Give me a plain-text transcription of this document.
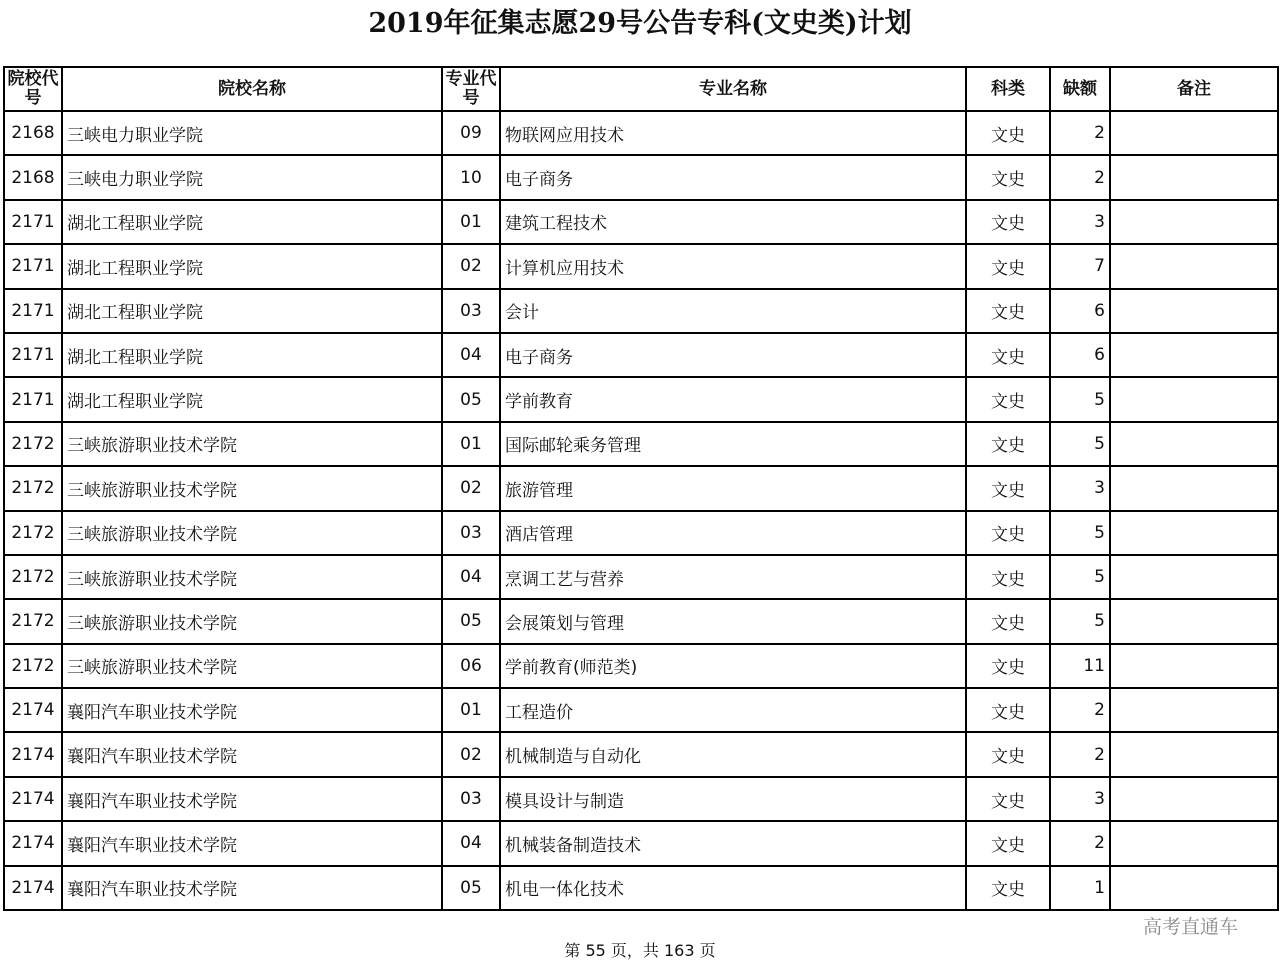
2019年征集志愿29号公告专科(文史类)计划
院校代号	院校名称	专业代号	专业名称	科类	缺额	备注
2168	三峡电力职业学院	09	物联网应用技术	文史	2	
2168	三峡电力职业学院	10	电子商务	文史	2	
2171	湖北工程职业学院	01	建筑工程技术	文史	3	
2171	湖北工程职业学院	02	计算机应用技术	文史	7	
2171	湖北工程职业学院	03	会计	文史	6	
2171	湖北工程职业学院	04	电子商务	文史	6	
2171	湖北工程职业学院	05	学前教育	文史	5	
2172	三峡旅游职业技术学院	01	国际邮轮乘务管理	文史	5	
2172	三峡旅游职业技术学院	02	旅游管理	文史	3	
2172	三峡旅游职业技术学院	03	酒店管理	文史	5	
2172	三峡旅游职业技术学院	04	烹调工艺与营养	文史	5	
2172	三峡旅游职业技术学院	05	会展策划与管理	文史	5	
2172	三峡旅游职业技术学院	06	学前教育(师范类)	文史	11	
2174	襄阳汽车职业技术学院	01	工程造价	文史	2	
2174	襄阳汽车职业技术学院	02	机械制造与自动化	文史	2	
2174	襄阳汽车职业技术学院	03	模具设计与制造	文史	3	
2174	襄阳汽车职业技术学院	04	机械装备制造技术	文史	2	
2174	襄阳汽车职业技术学院	05	机电一体化技术	文史	1	
高考直通车
第 55 页，共 163 页
